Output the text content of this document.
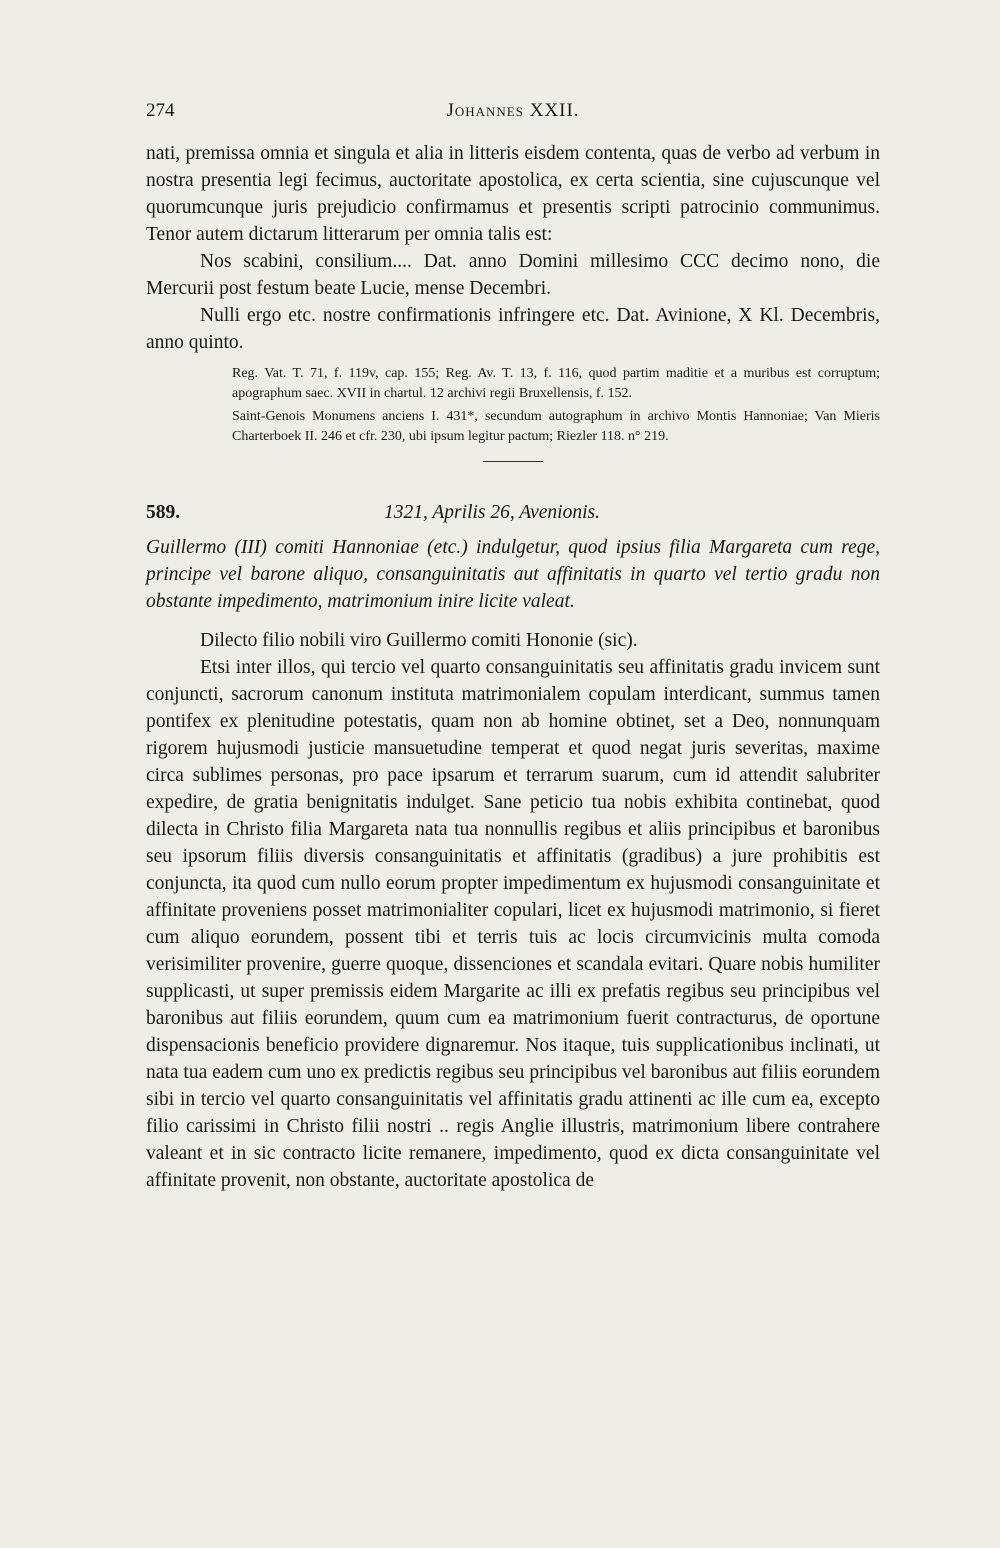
274	Johannes XXII.

nati, premissa omnia et singula et alia in litteris eisdem contenta, quas de verbo ad verbum in nostra presentia legi fecimus, auctoritate apostolica, ex certa scientia, sine cujuscunque vel quorumcunque juris prejudicio confirmamus et presentis scripti patrocinio communimus. Tenor autem dictarum litterarum per omnia talis est:

Nos scabini, consilium.... Dat. anno Domini millesimo CCC decimo nono, die Mercurii post festum beate Lucie, mense Decembri.

Nulli ergo etc. nostre confirmationis infringere etc. Dat. Avinione, X Kl. Decembris, anno quinto.

Reg. Vat. T. 71, f. 119v, cap. 155; Reg. Av. T. 13, f. 116, quod partim maditie et a muribus est corruptum; apographum saec. XVII in chartul. 12 archivi regii Bruxellensis, f. 152.

Saint-Genois Monumens anciens I. 431*, secundum autographum in archivo Montis Hannoniae; Van Mieris Charterboek II. 246 et cfr. 230, ubi ipsum legitur pactum; Riezler 118. n° 219.

589.	1321, Aprilis 26, Avenionis.

Guillermo (III) comiti Hannoniae (etc.) indulgetur, quod ipsius filia Margareta cum rege, principe vel barone aliquo, consanguinitatis aut affinitatis in quarto vel tertio gradu non obstante impedimento, matrimonium inire licite valeat.

Dilecto filio nobili viro Guillermo comiti Hononie (sic).

Etsi inter illos, qui tercio vel quarto consanguinitatis seu affinitatis gradu invicem sunt conjuncti, sacrorum canonum instituta matrimonialem copulam interdicant, summus tamen pontifex ex plenitudine potestatis, quam non ab homine obtinet, set a Deo, nonnunquam rigorem hujusmodi justicie mansuetudine temperat et quod negat juris severitas, maxime circa sublimes personas, pro pace ipsarum et terrarum suarum, cum id attendit salubriter expedire, de gratia benignitatis indulget. Sane peticio tua nobis exhibita continebat, quod dilecta in Christo filia Margareta nata tua nonnullis regibus et aliis principibus et baronibus seu ipsorum filiis diversis consanguinitatis et affinitatis (gradibus) a jure prohibitis est conjuncta, ita quod cum nullo eorum propter impedimentum ex hujusmodi consanguinitate et affinitate proveniens posset matrimonialiter copulari, licet ex hujusmodi matrimonio, si fieret cum aliquo eorundem, possent tibi et terris tuis ac locis circumvicinis multa comoda verisimiliter provenire, guerre quoque, dissenciones et scandala evitari. Quare nobis humiliter supplicasti, ut super premissis eidem Margarite ac illi ex prefatis regibus seu principibus vel baronibus aut filiis eorundem, quum cum ea matrimonium fuerit contracturus, de oportune dispensacionis beneficio providere dignaremur. Nos itaque, tuis supplicationibus inclinati, ut nata tua eadem cum uno ex predictis regibus seu principibus vel baronibus aut filiis eorundem sibi in tercio vel quarto consanguinitatis vel affinitatis gradu attinenti ac ille cum ea, excepto filio carissimi in Christo filii nostri .. regis Anglie illustris, matrimonium libere contrahere valeant et in sic contracto licite remanere, impedimento, quod ex dicta consanguinitate vel affinitate provenit, non obstante, auctoritate apostolica de
